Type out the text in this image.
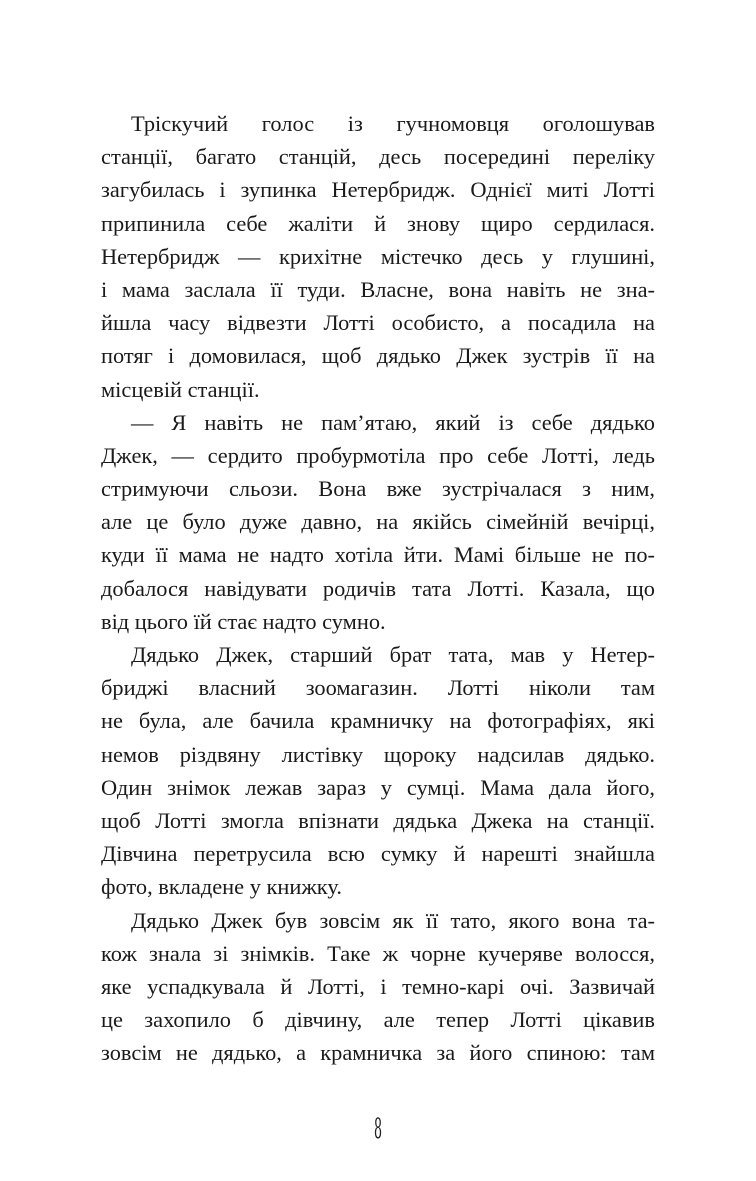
Тріскучий голос із гучномовця оголошував
станції, багато станцій, десь посередині переліку
загубилась і зупинка Нетербридж. Однієї миті Лотті
припинила себе жаліти й знову щиро сердилася.
Нетербридж — крихітне містечко десь у глушині,
і мама заслала її туди. Власне, вона навіть не зна-
йшла часу відвезти Лотті особисто, а посадила на
потяг і домовилася, щоб дядько Джек зустрів її на
місцевій станції.
— Я навіть не пам’ятаю, який із себе дядько
Джек, — сердито пробурмотіла про себе Лотті, ледь
стримуючи сльози. Вона вже зустрічалася з ним,
але це було дуже давно, на якійсь сімейній вечірці,
куди її мама не надто хотіла йти. Мамі більше не по-
добалося навідувати родичів тата Лотті. Казала, що
від цього їй стає надто сумно.
Дядько Джек, старший брат тата, мав у Нетер-
бриджі власний зоомагазин. Лотті ніколи там
не була, але бачила крамничку на фотографіях, які
немов різдвяну листівку щороку надсилав дядько.
Один знімок лежав зараз у сумці. Мама дала його,
щоб Лотті змогла впізнати дядька Джека на станції.
Дівчина перетрусила всю сумку й нарешті знайшла
фото, вкладене у книжку.
Дядько Джек був зовсім як її тато, якого вона та-
кож знала зі знімків. Таке ж чорне кучеряве волосся,
яке успадкувала й Лотті, і темно-карі очі. Зазвичай
це захопило б дівчину, але тепер Лотті цікавив
зовсім не дядько, а крамничка за його спиною: там
8
